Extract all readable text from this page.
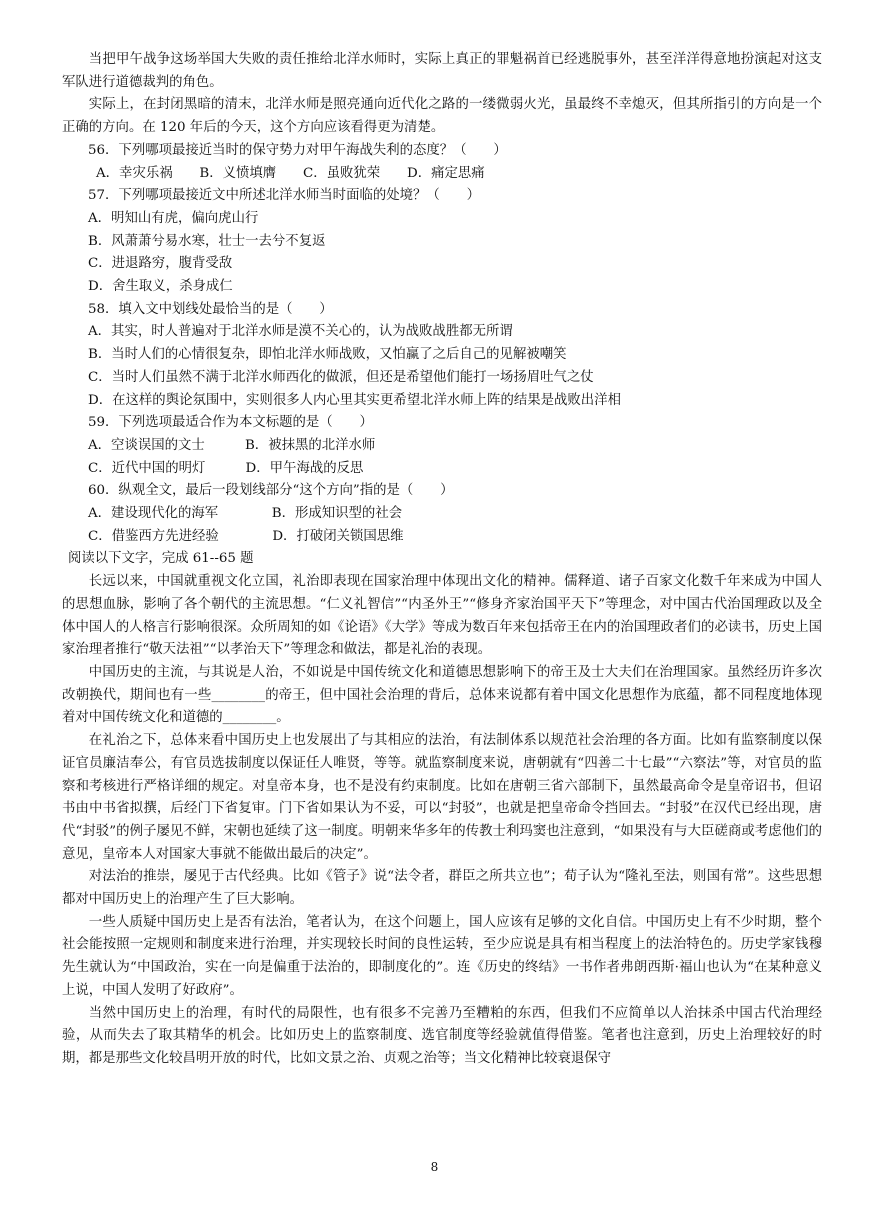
当把甲午战争这场举国大失败的责任推给北洋水师时，实际上真正的罪魁祸首已经逃脱事外，甚至洋洋得意地扮演起对这支军队进行道德裁判的角色。

实际上，在封闭黑暗的清末，北洋水师是照亮通向近代化之路的一缕微弱火光，虽最终不幸熄灭，但其所指引的方向是一个正确的方向。在 120 年后的今天，这个方向应该看得更为清楚。

56．下列哪项最接近当时的保守势力对甲午海战失利的态度？（　　）

A．幸灾乐祸　　B．义愤填膺　　C．虽败犹荣　　D．痛定思痛

57．下列哪项最接近文中所述北洋水师当时面临的处境？（　　）

A．明知山有虎，偏向虎山行

B．风萧萧兮易水寒，壮士一去兮不复返

C．进退路穷，腹背受敌

D．舍生取义，杀身成仁

58．填入文中划线处最恰当的是（　　）

A．其实，时人普遍对于北洋水师是漠不关心的，认为战败战胜都无所谓

B．当时人们的心情很复杂，即怕北洋水师战败，又怕赢了之后自己的见解被嘲笑

C．当时人们虽然不满于北洋水师西化的做派，但还是希望他们能打一场扬眉吐气之仗

D．在这样的舆论氛围中，实则很多人内心里其实更希望北洋水师上阵的结果是战败出洋相

59．下列选项最适合作为本文标题的是（　　）

A．空谈误国的文士　　　B．被抹黑的北洋水师

C．近代中国的明灯　　　D．甲午海战的反思

60．纵观全文，最后一段划线部分“这个方向”指的是（　　）

A．建设现代化的海军　　　　B．形成知识型的社会

C．借鉴西方先进经验　　　　D．打破闭关锁国思维

阅读以下文字，完成 61--65 题

长远以来，中国就重视文化立国，礼治即表现在国家治理中体现出文化的精神。儒释道、诸子百家文化数千年来成为中国人的思想血脉，影响了各个朝代的主流思想。“仁义礼智信”“内圣外王”“修身齐家治国平天下”等理念，对中国古代治国理政以及全体中国人的人格言行影响很深。众所周知的如《论语》《大学》等成为数百年来包括帝王在内的治国理政者们的必读书，历史上国家治理者推行“敬天法祖”“以孝治天下”等理念和做法，都是礼治的表现。

中国历史的主流，与其说是人治，不如说是中国传统文化和道德思想影响下的帝王及士大夫们在治理国家。虽然经历许多次改朝换代，期间也有一些________的帝王，但中国社会治理的背后，总体来说都有着中国文化思想作为底蕴，都不同程度地体现着对中国传统文化和道德的________。

在礼治之下，总体来看中国历史上也发展出了与其相应的法治，有法制体系以规范社会治理的各方面。比如有监察制度以保证官员廉洁奉公，有官员选拔制度以保证任人唯贤，等等。就监察制度来说，唐朝就有“四善二十七最”“六察法”等，对官员的监察和考核进行严格详细的规定。对皇帝本身，也不是没有约束制度。比如在唐朝三省六部制下，虽然最高命令是皇帝诏书，但诏书由中书省拟撰，后经门下省复审。门下省如果认为不妥，可以“封驳”，也就是把皇帝命令挡回去。“封驳”在汉代已经出现，唐代“封驳”的例子屡见不鲜，宋朝也延续了这一制度。明朝来华多年的传教士利玛窦也注意到，“如果没有与大臣磋商或考虑他们的意见，皇帝本人对国家大事就不能做出最后的决定”。

对法治的推崇，屡见于古代经典。比如《管子》说“法令者，群臣之所共立也”；荀子认为“隆礼至法，则国有常”。这些思想都对中国历史上的治理产生了巨大影响。

一些人质疑中国历史上是否有法治，笔者认为，在这个问题上，国人应该有足够的文化自信。中国历史上有不少时期，整个社会能按照一定规则和制度来进行治理，并实现较长时间的良性运转，至少应说是具有相当程度上的法治特色的。历史学家钱穆先生就认为“中国政治，实在一向是偏重于法治的，即制度化的”。连《历史的终结》一书作者弗朗西斯·福山也认为“在某种意义上说，中国人发明了好政府”。

当然中国历史上的治理，有时代的局限性，也有很多不完善乃至糟粕的东西，但我们不应简单以人治抹杀中国古代治理经验，从而失去了取其精华的机会。比如历史上的监察制度、选官制度等经验就值得借鉴。笔者也注意到，历史上治理较好的时期，都是那些文化较昌明开放的时代，比如文景之治、贞观之治等；当文化精神比较衰退保守

8
